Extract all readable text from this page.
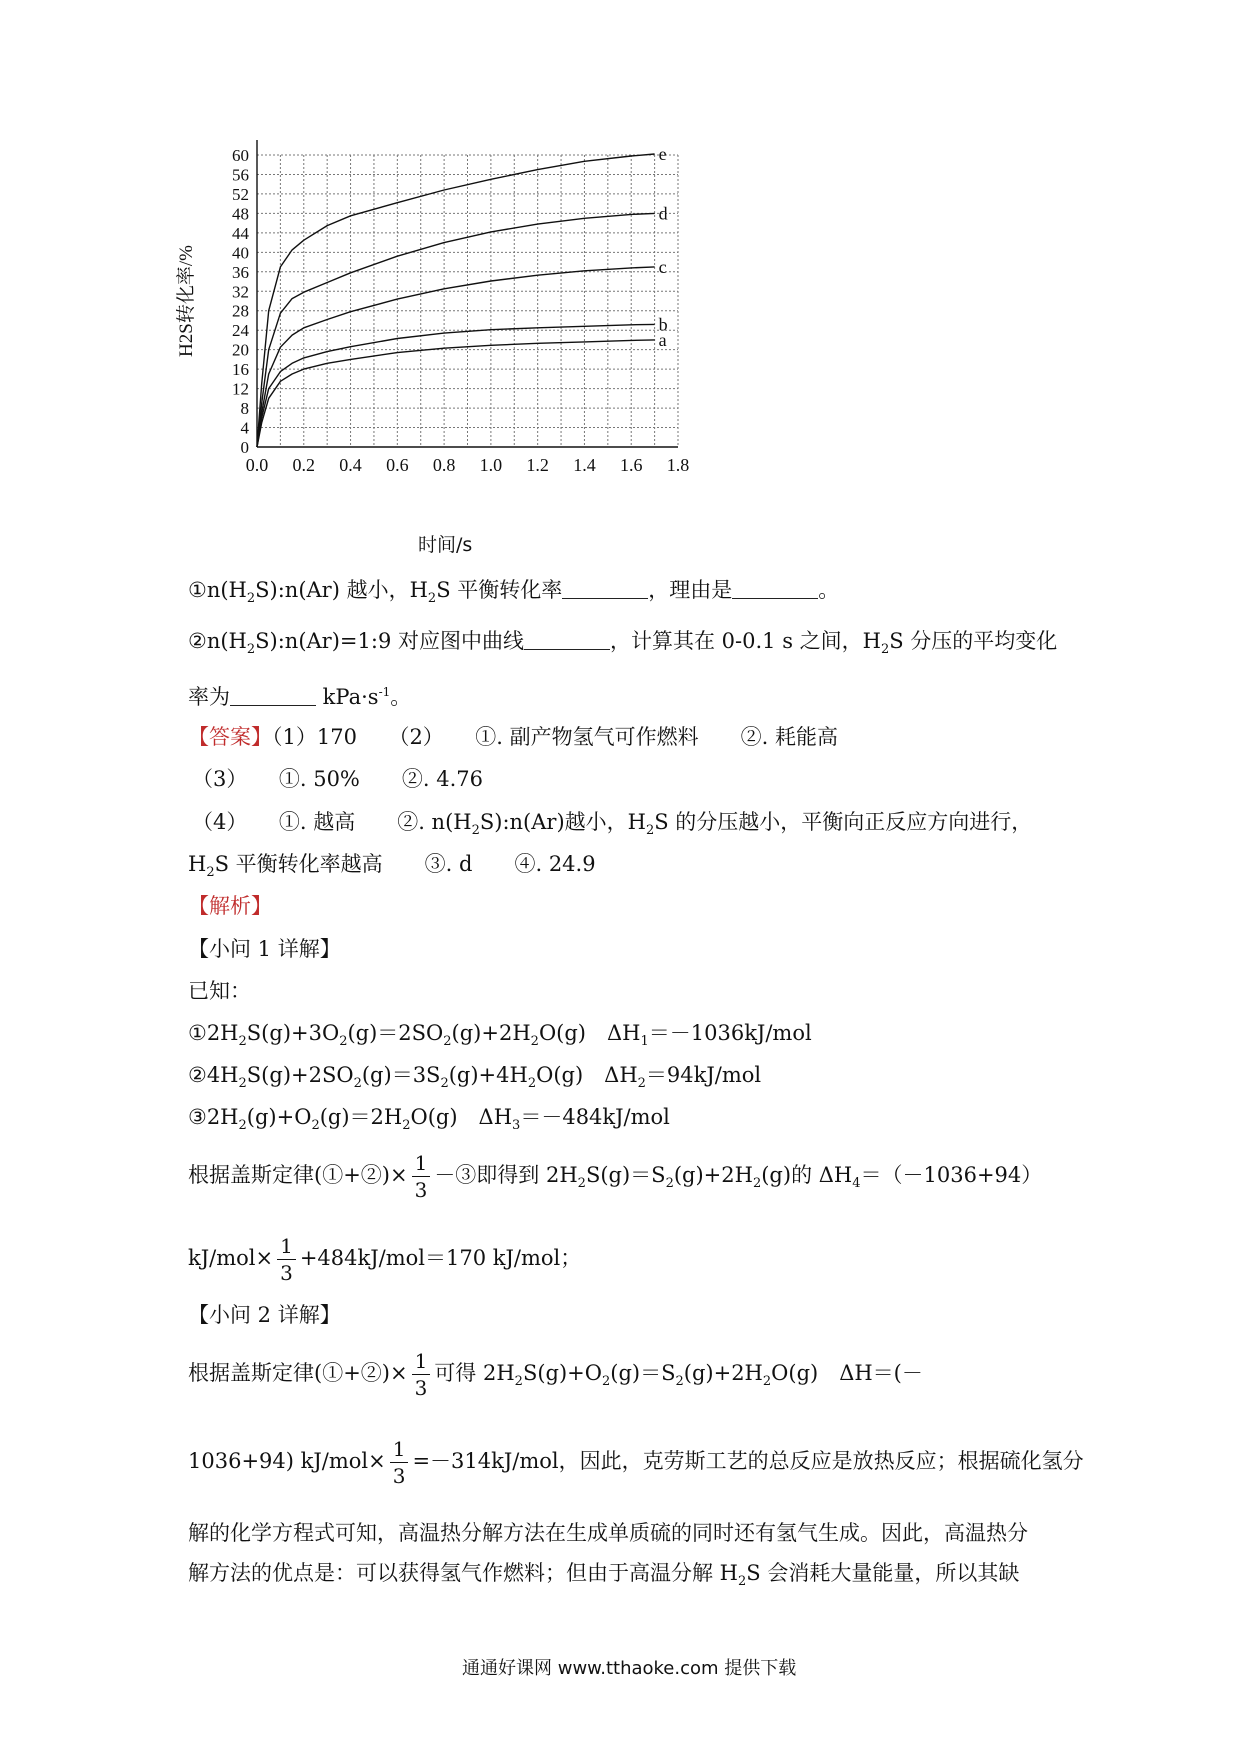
0.0 0.2 0.4 0.6 0.8 1.0 1.2 1.4 1.6 1.8
0
4
8
12
16
20
24
28
32
36
40
44
48
52
56
60
H2S转化率/%	a
b
c
d
e
时间/s
$①n(H_2S):n(Ar)$ 越小，$H_2S$ 平衡转化率	，理由是	。
$②n(H_2S):n(Ar)=1:9$ 对应图中曲线	，计算其在 0-0.1 s 之间，$H_2S$ 分压的平均变化
率为	$kPa\cdot s^{-1}$。
【答案】（1）170　　（2）　　①. 副产物氢气可作燃料　　②. 耗能高
（3）　　①. 50%　　②. 4.76
（4）　　①. 越高　　②. $n(H_2S):n(Ar)$越小，$H_2S$ 的分压越小，平衡向正反应方向进行，
$H_2S$ 平衡转化率越高　　③. d　　④. 24.9
【解析】
【小问 1 详解】
已知：
$①2H_2S(g)+3O_2(g)=2SO_2(g)+2H_2O(g)$　$\Delta H_1=-1036kJ$/mol
$②4H_2S(g)+2SO_2(g)=3S_2(g)+4H_2O(g)$　$\Delta H_2=94kJ$/mol
$③2H_2(g)+O_2(g)=2H_2O(g)$　$\Delta H_3=-484kJ$/mol
根据盖斯定律(①+②)× $\frac{1}{3}$ －③即得到 $2H_2S(g)=S_2(g)+2H_2(g)$的 $\Delta H_4=(-1036+94)$
$kJ/mol\times \frac{1}{3} +484kJ/mol=170$ kJ/mol；
【小问 2 详解】
根据盖斯定律(①+②)× $\frac{1}{3}$ 可得 $2H_2S(g)+O_2(g)=S_2(g)+2H_2O(g)$　ΔH＝(－
1036+94) $kJ/mol\times \frac{1}{3} =-314kJ/mol$，因此，克劳斯工艺的总反应是放热反应；根据硫化氢分
解的化学方程式可知，高温热分解方法在生成单质硫的同时还有氢气生成。因此，高温热分
解方法的优点是：可以获得氢气作燃料；但由于高温分解 $H_2S$ 会消耗大量能量，所以其缺
通通好课网 www.tthaoke.com 提供下载
